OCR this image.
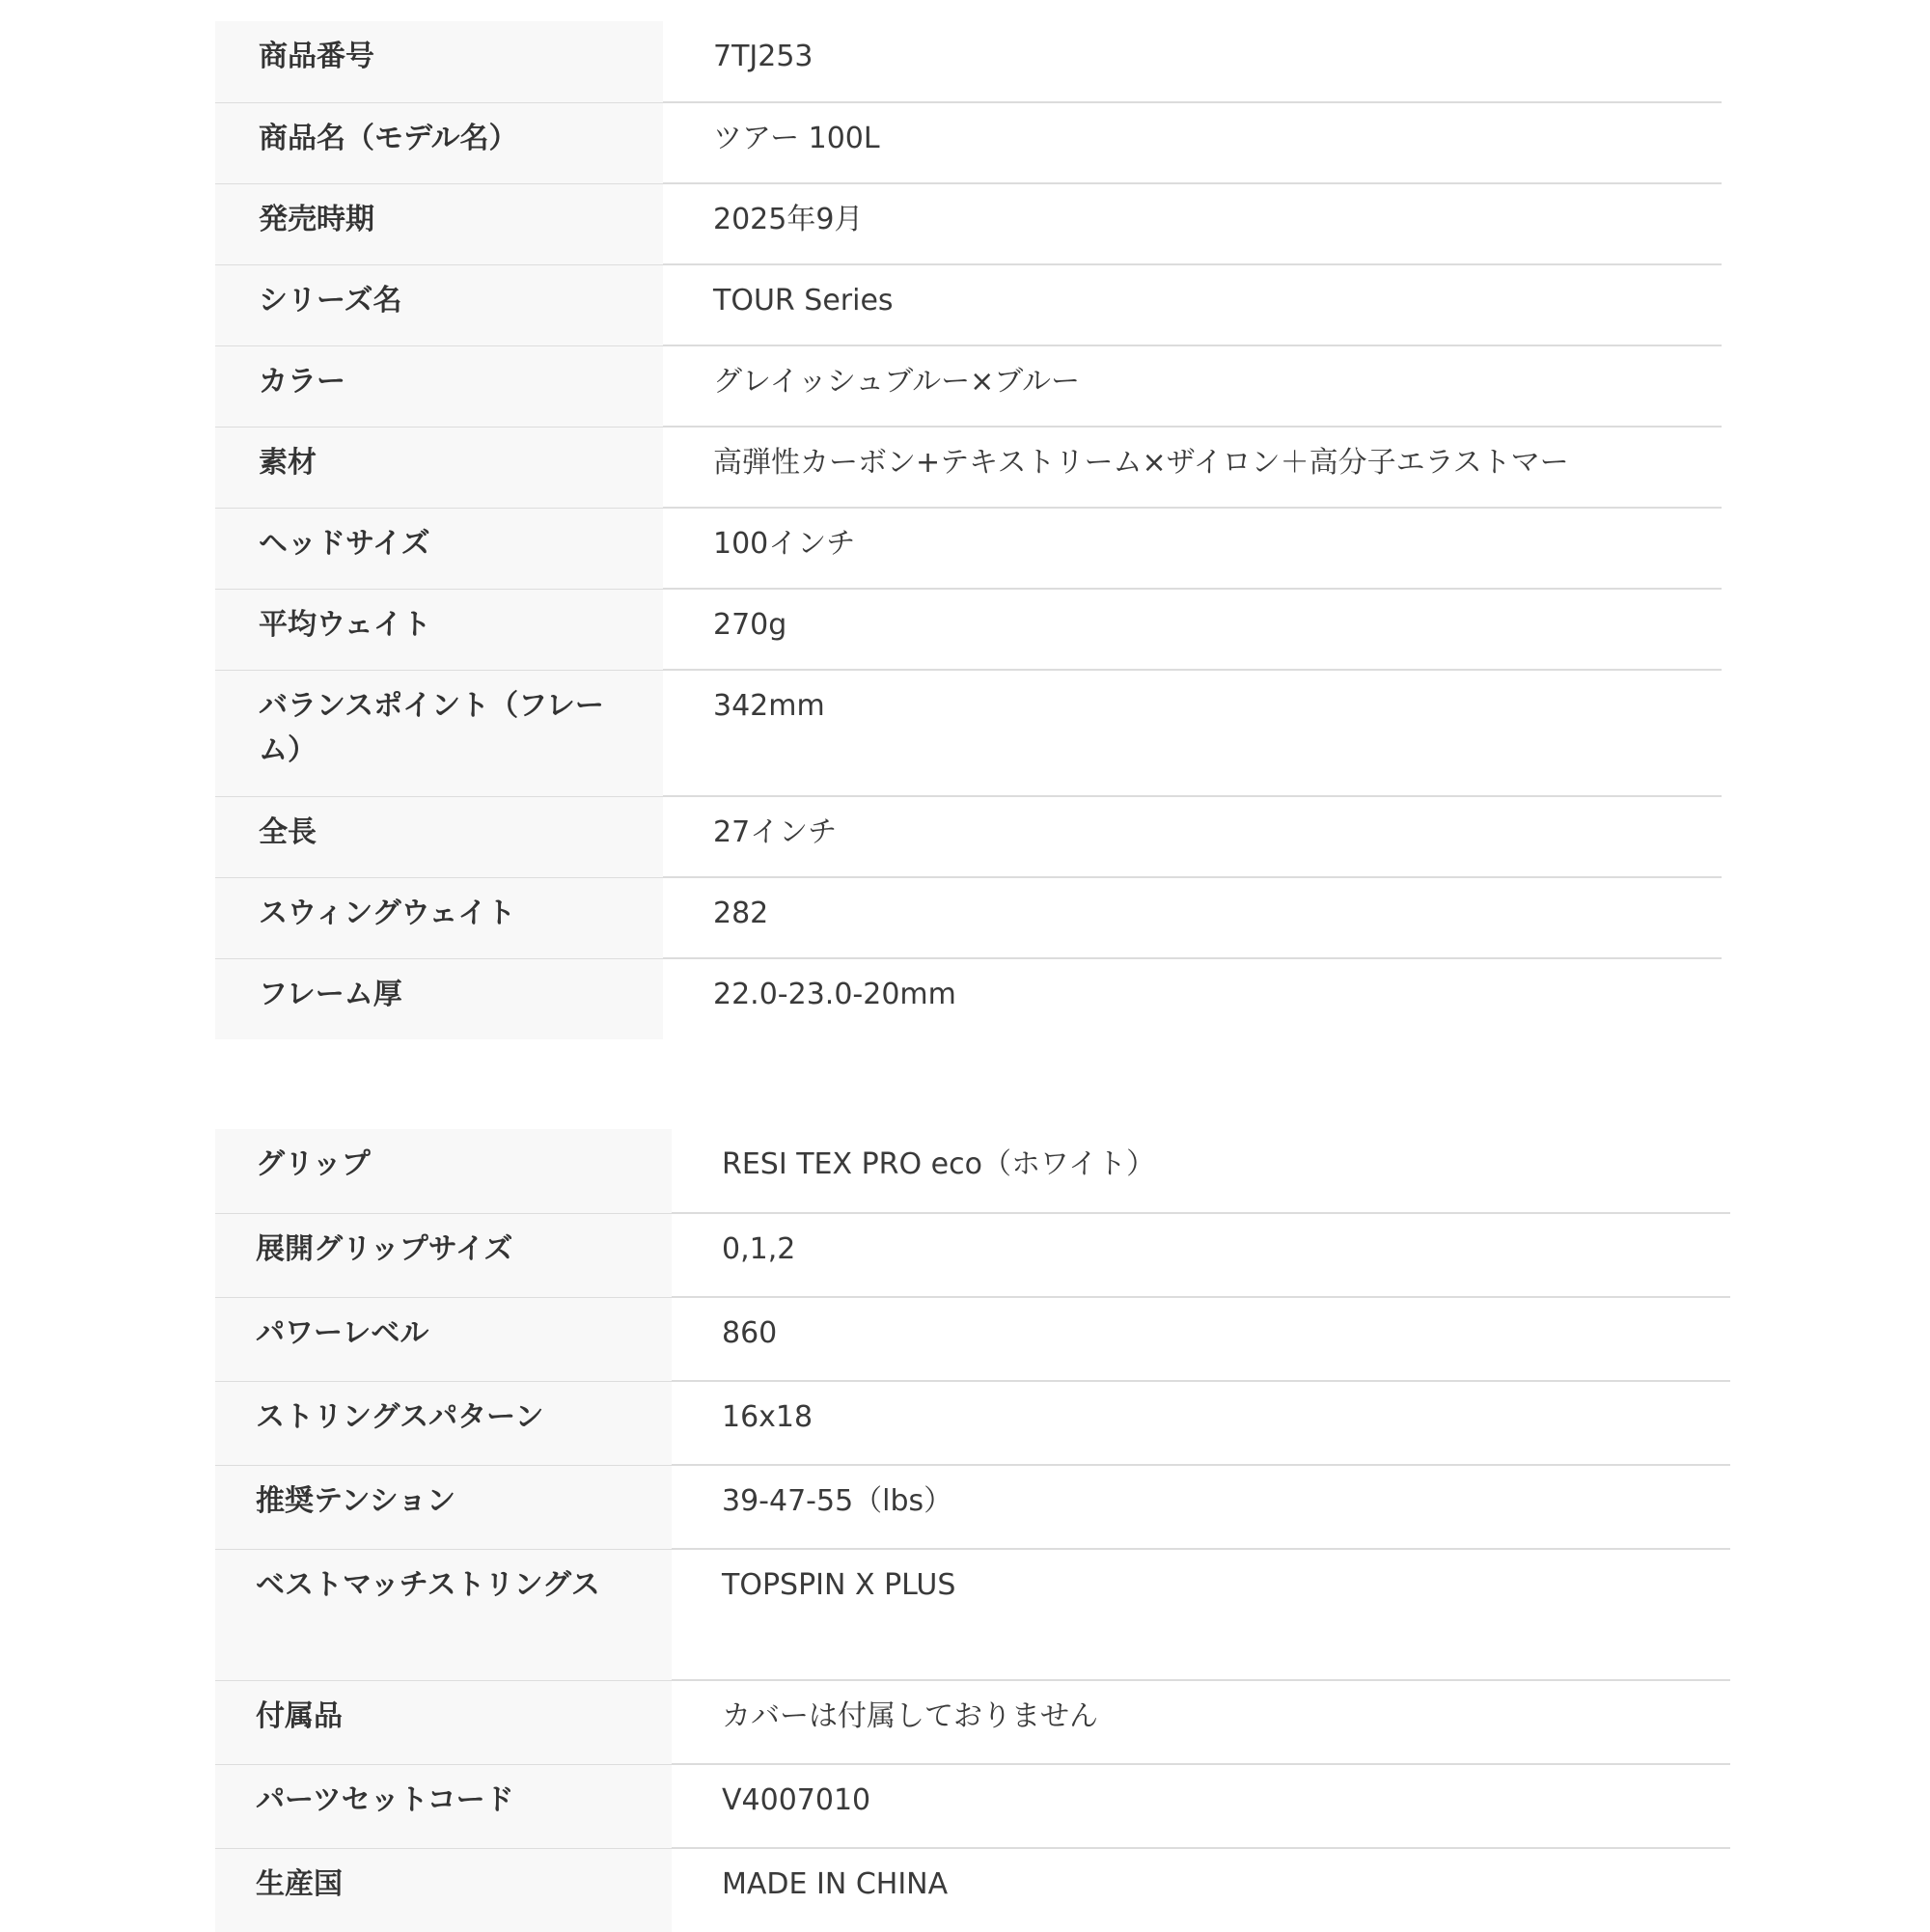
商品番号	7TJ253
商品名（モデル名）	ツアー 100L
発売時期	2025年9月
シリーズ名	TOUR Series
カラー	グレイッシュブルー×ブルー
素材	高弾性カーボン+テキストリーム×ザイロン＋高分子エラストマー
ヘッドサイズ	100インチ
平均ウェイト	270g
バランスポイント（フレーム）	342mm
全長	27インチ
スウィングウェイト	282
フレーム厚	22.0-23.0-20mm
グリップ	RESI TEX PRO eco（ホワイト）
展開グリップサイズ	0,1,2
パワーレベル	860
ストリングスパターン	16x18
推奨テンション	39-47-55（lbs）
ベストマッチストリングス	TOPSPIN X PLUS
付属品	カバーは付属しておりません
パーツセットコード	V4007010
生産国	MADE IN CHINA
